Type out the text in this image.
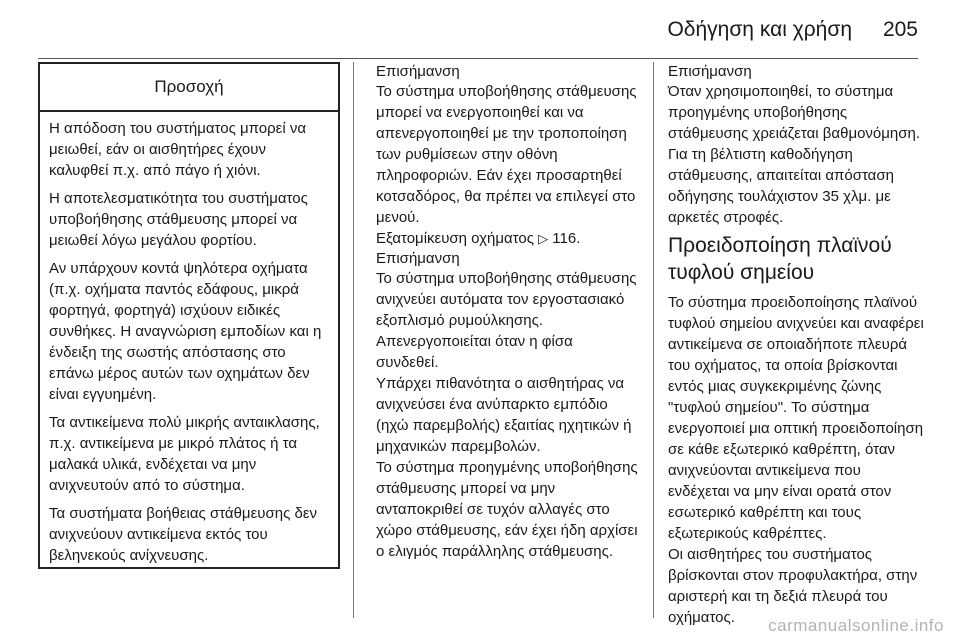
Οδήγηση και χρήση 205
Προσοχή

Η απόδοση του συστήματος μπορεί να μειωθεί, εάν οι αισθητήρες έχουν καλυφθεί π.χ. από πάγο ή χιόνι.

Η αποτελεσματικότητα του συστήματος υποβοήθησης στάθμευσης μπορεί να μειωθεί λόγω μεγάλου φορτίου.

Αν υπάρχουν κοντά ψηλότερα οχήματα (π.χ. οχήματα παντός εδάφους, μικρά φορτηγά, φορτηγά) ισχύουν ειδικές συνθήκες. Η αναγνώριση εμποδίων και η ένδειξη της σωστής απόστασης στο επάνω μέρος αυτών των οχημάτων δεν είναι εγγυημένη.

Τα αντικείμενα πολύ μικρής ανταικλασης, π.χ. αντικείμενα με μικρό πλάτος ή τα μαλακά υλικά, ενδέχεται να μην ανιχνευτούν από το σύστημα.

Τα συστήματα βοήθειας στάθμευσης δεν ανιχνεύουν αντικείμενα εκτός του βεληνεκούς ανίχνευσης.

Επισήμανση

Το σύστημα υποβοήθησης στάθμευσης μπορεί να ενεργοποιηθεί και να απενεργοποιηθεί με την τροποποίηση των ρυθμίσεων στην οθόνη πληροφοριών. Εάν έχει προσαρτηθεί κοτσαδόρος, θα πρέπει να επιλεγεί στο μενού.

Εξατομίκευση οχήματος ▷ 116.

Επισήμανση

Το σύστημα υποβοήθησης στάθμευσης ανιχνεύει αυτόματα τον εργοστασιακό εξοπλισμό ρυμούλκησης. Απενεργοποιείται όταν η φίσα συνδεθεί.

Υπάρχει πιθανότητα ο αισθητήρας να ανιχνεύσει ένα ανύπαρκτο εμπόδιο (ηχώ παρεμβολής) εξαιτίας ηχητικών ή μηχανικών παρεμβολών.

Το σύστημα προηγμένης υποβοήθησης στάθμευσης μπορεί να μην ανταποκριθεί σε τυχόν αλλαγές στο χώρο στάθμευσης, εάν έχει ήδη αρχίσει ο ελιγμός παράλληλης στάθμευσης.

Επισήμανση

Όταν χρησιμοποιηθεί, το σύστημα προηγμένης υποβοήθησης στάθμευσης χρειάζεται βαθμονόμηση. Για τη βέλτιστη καθοδήγηση στάθμευσης, απαιτείται απόσταση οδήγησης τουλάχιστον 35 χλμ. με αρκετές στροφές.

Προειδοποίηση πλαϊνού τυφλού σημείου

Το σύστημα προειδοποίησης πλαϊνού τυφλού σημείου ανιχνεύει και αναφέρει αντικείμενα σε οποιαδήποτε πλευρά του οχήματος, τα οποία βρίσκονται εντός μιας συγκεκριμένης ζώνης "τυφλού σημείου". Το σύστημα ενεργοποιεί μια οπτική προειδοποίηση σε κάθε εξωτερικό καθρέπτη, όταν ανιχνεύονται αντικείμενα που ενδέχεται να μην είναι ορατά στον εσωτερικό καθρέπτη και τους εξωτερικούς καθρέπτες.

Οι αισθητήρες του συστήματος βρίσκονται στον προφυλακτήρα, στην αριστερή και τη δεξιά πλευρά του οχήματος.	carmanualsonline.info
